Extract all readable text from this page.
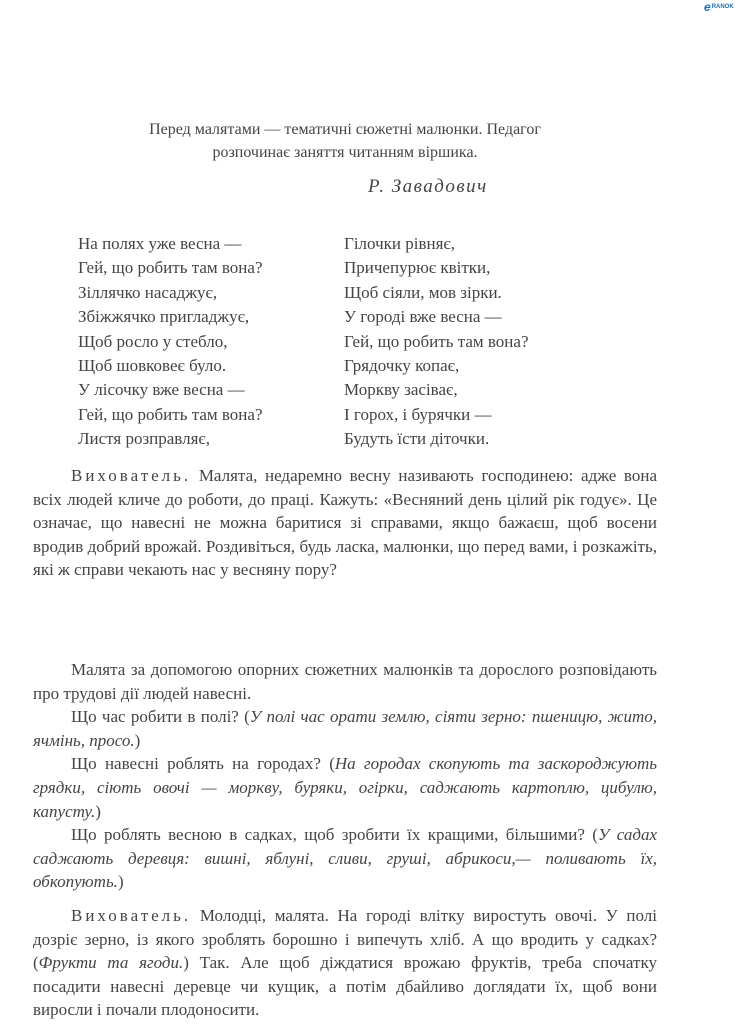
e RANOK
Перед малятами — тематичні сюжетні малюнки. Педагог
розпочинає заняття читанням віршика.
Р. Завадович
На полях уже весна —
Гей, що робить там вона?
Зіллячко насаджує,
Збіжжячко пригладжує,
Щоб росло у стебло,
Щоб шовковеє було.
У лісочку вже весна —
Гей, що робить там вона?
Листя розправляє,
Гілочки рівняє,
Причепурює квітки,
Щоб сіяли, мов зірки.
У городі вже весна —
Гей, що робить там вона?
Грядочку копає,
Моркву засіває,
І горох, і бурячки —
Будуть їсти діточки.

Вихователь. Малята, недаремно весну називають господинею: адже вона всіх людей кличе до роботи, до праці. Кажуть: «Весняний день цілий рік годує». Це означає, що навесні не можна баритися зі справами, якщо бажаєш, щоб восени вродив добрий врожай. Роздивіться, будь ласка, малюнки, що перед вами, і розкажіть, які ж справи чекають нас у весняну пору?

Малята за допомогою опорних сюжетних малюнків та дорослого розповідають про трудові дії людей навесні.

Що час робити в полі? (У полі час орати землю, сіяти зерно: пшеницю, жито, ячмінь, просо.)

Що навесні роблять на городах? (На городах скопують та заскороджують грядки, сіють овочі — моркву, буряки, огірки, саджають картоплю, цибулю, капусту.)

Що роблять весною в садках, щоб зробити їх кращими, більшими? (У садах саджають деревця: вишні, яблуні, сливи, груші, абрикоси,— поливають їх, обкопують.)

Вихователь. Молодці, малята. На городі влітку виростуть овочі. У полі дозріє зерно, із якого зроблять борошно і випечуть хліб. А що вродить у садках? (Фрукти та ягоди.) Так. Але щоб діждатися врожаю фруктів, треба спочатку посадити навесні деревце чи кущик, а потім дбайливо доглядати їх, щоб вони виросли і почали плодоносити.
